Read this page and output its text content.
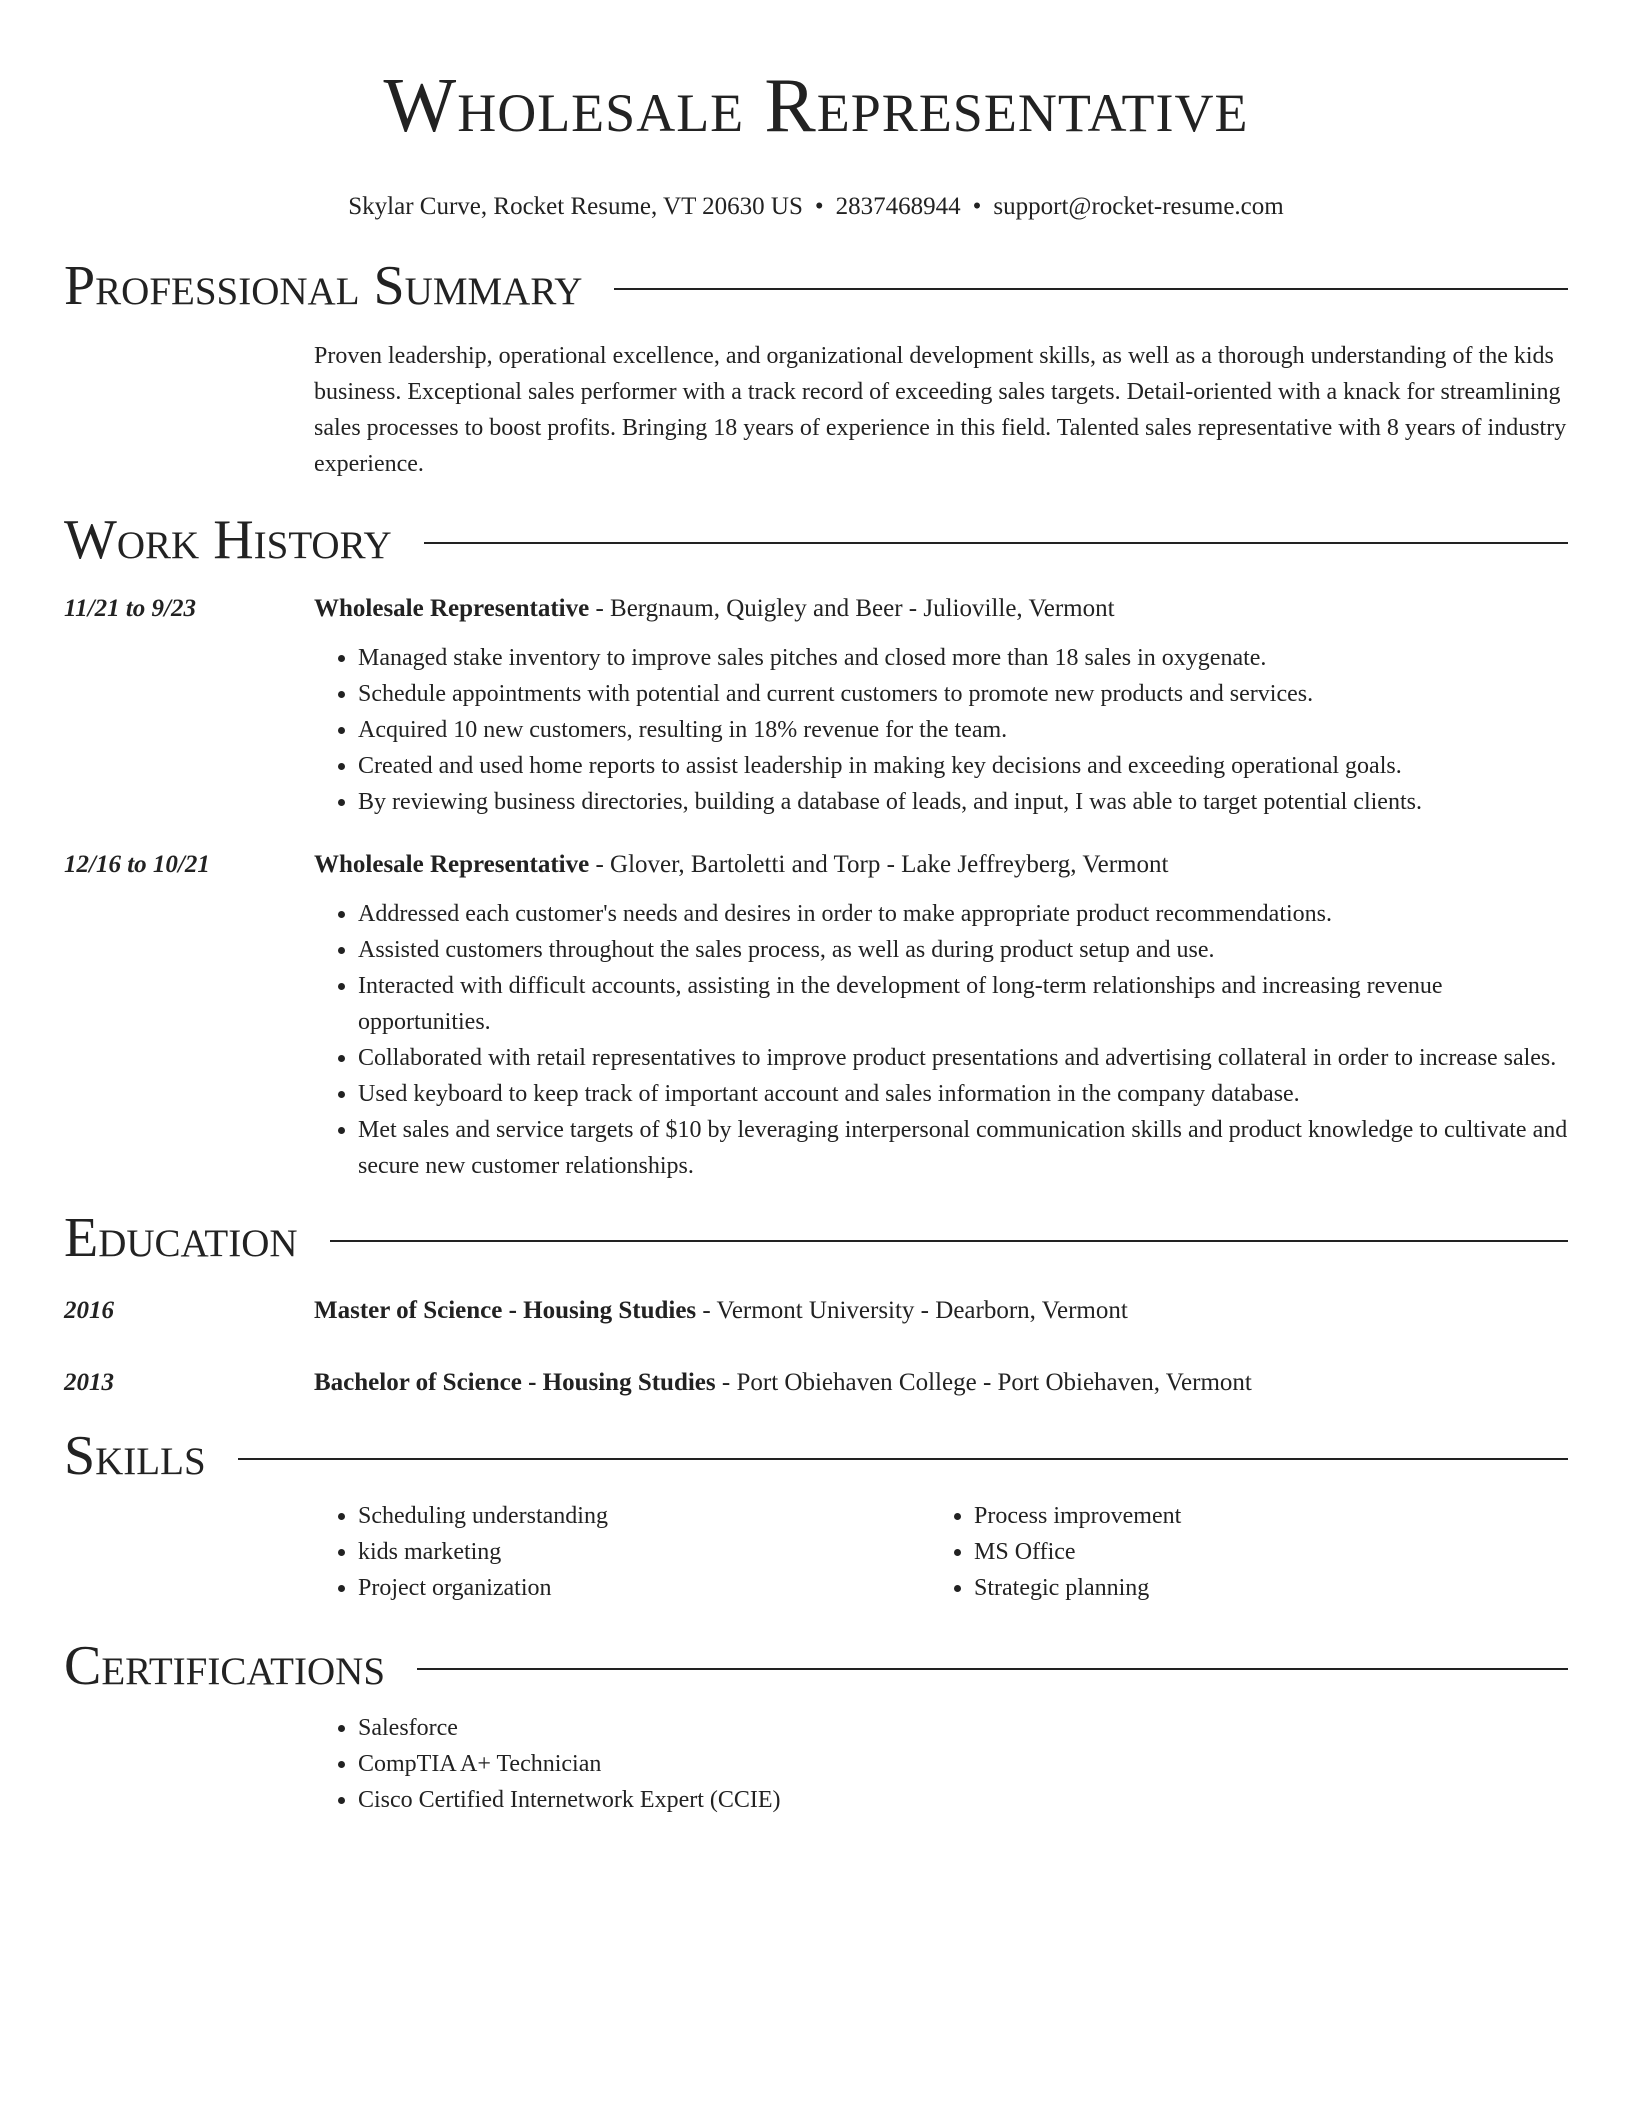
Wholesale Representative
Skylar Curve, Rocket Resume, VT 20630 US • 2837468944 • support@rocket-resume.com
Professional Summary
Proven leadership, operational excellence, and organizational development skills, as well as a thorough understanding of the kids business. Exceptional sales performer with a track record of exceeding sales targets. Detail-oriented with a knack for streamlining sales processes to boost profits. Bringing 18 years of experience in this field. Talented sales representative with 8 years of industry experience.
Work History
11/21 to 9/23	Wholesale Representative - Bergnaum, Quigley and Beer - Julioville, Vermont
• Managed stake inventory to improve sales pitches and closed more than 18 sales in oxygenate.
• Schedule appointments with potential and current customers to promote new products and services.
• Acquired 10 new customers, resulting in 18% revenue for the team.
• Created and used home reports to assist leadership in making key decisions and exceeding operational goals.
• By reviewing business directories, building a database of leads, and input, I was able to target potential clients.
12/16 to 10/21	Wholesale Representative - Glover, Bartoletti and Torp - Lake Jeffreyberg, Vermont
• Addressed each customer's needs and desires in order to make appropriate product recommendations.
• Assisted customers throughout the sales process, as well as during product setup and use.
• Interacted with difficult accounts, assisting in the development of long-term relationships and increasing revenue opportunities.
• Collaborated with retail representatives to improve product presentations and advertising collateral in order to increase sales.
• Used keyboard to keep track of important account and sales information in the company database.
• Met sales and service targets of $10 by leveraging interpersonal communication skills and product knowledge to cultivate and secure new customer relationships.
Education
2016	Master of Science - Housing Studies - Vermont University - Dearborn, Vermont
2013	Bachelor of Science - Housing Studies - Port Obiehaven College - Port Obiehaven, Vermont
Skills
• Scheduling understanding
• kids marketing
• Project organization
• Process improvement
• MS Office
• Strategic planning
Certifications
• Salesforce
• CompTIA A+ Technician
• Cisco Certified Internetwork Expert (CCIE)
